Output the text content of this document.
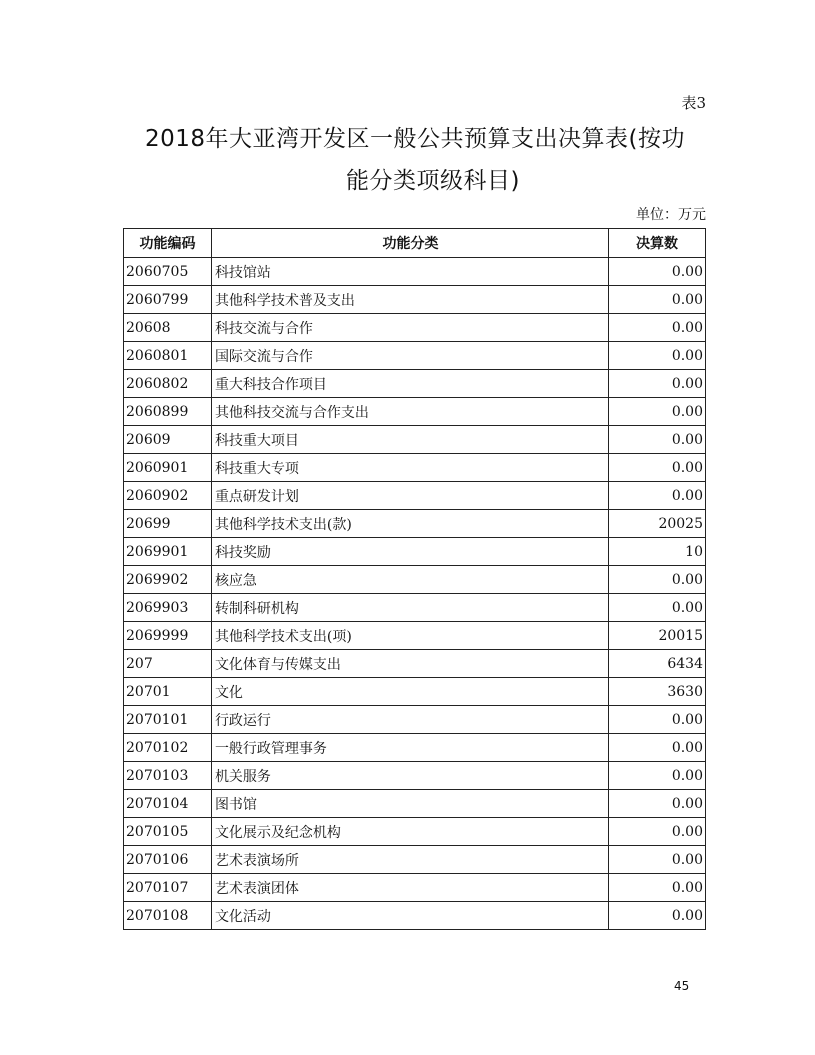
表3
2018年大亚湾开发区一般公共预算支出决算表(按功
能分类项级科目)
单位：万元
功能编码	功能分类	决算数
2060705	科技馆站	0.00
2060799	其他科学技术普及支出	0.00
20608	科技交流与合作	0.00
2060801	国际交流与合作	0.00
2060802	重大科技合作项目	0.00
2060899	其他科技交流与合作支出	0.00
20609	科技重大项目	0.00
2060901	科技重大专项	0.00
2060902	重点研发计划	0.00
20699	其他科学技术支出(款)	20025
2069901	科技奖励	10
2069902	核应急	0.00
2069903	转制科研机构	0.00
2069999	其他科学技术支出(项)	20015
207	文化体育与传媒支出	6434
20701	文化	3630
2070101	行政运行	0.00
2070102	一般行政管理事务	0.00
2070103	机关服务	0.00
2070104	图书馆	0.00
2070105	文化展示及纪念机构	0.00
2070106	艺术表演场所	0.00
2070107	艺术表演团体	0.00
2070108	文化活动	0.00
45
